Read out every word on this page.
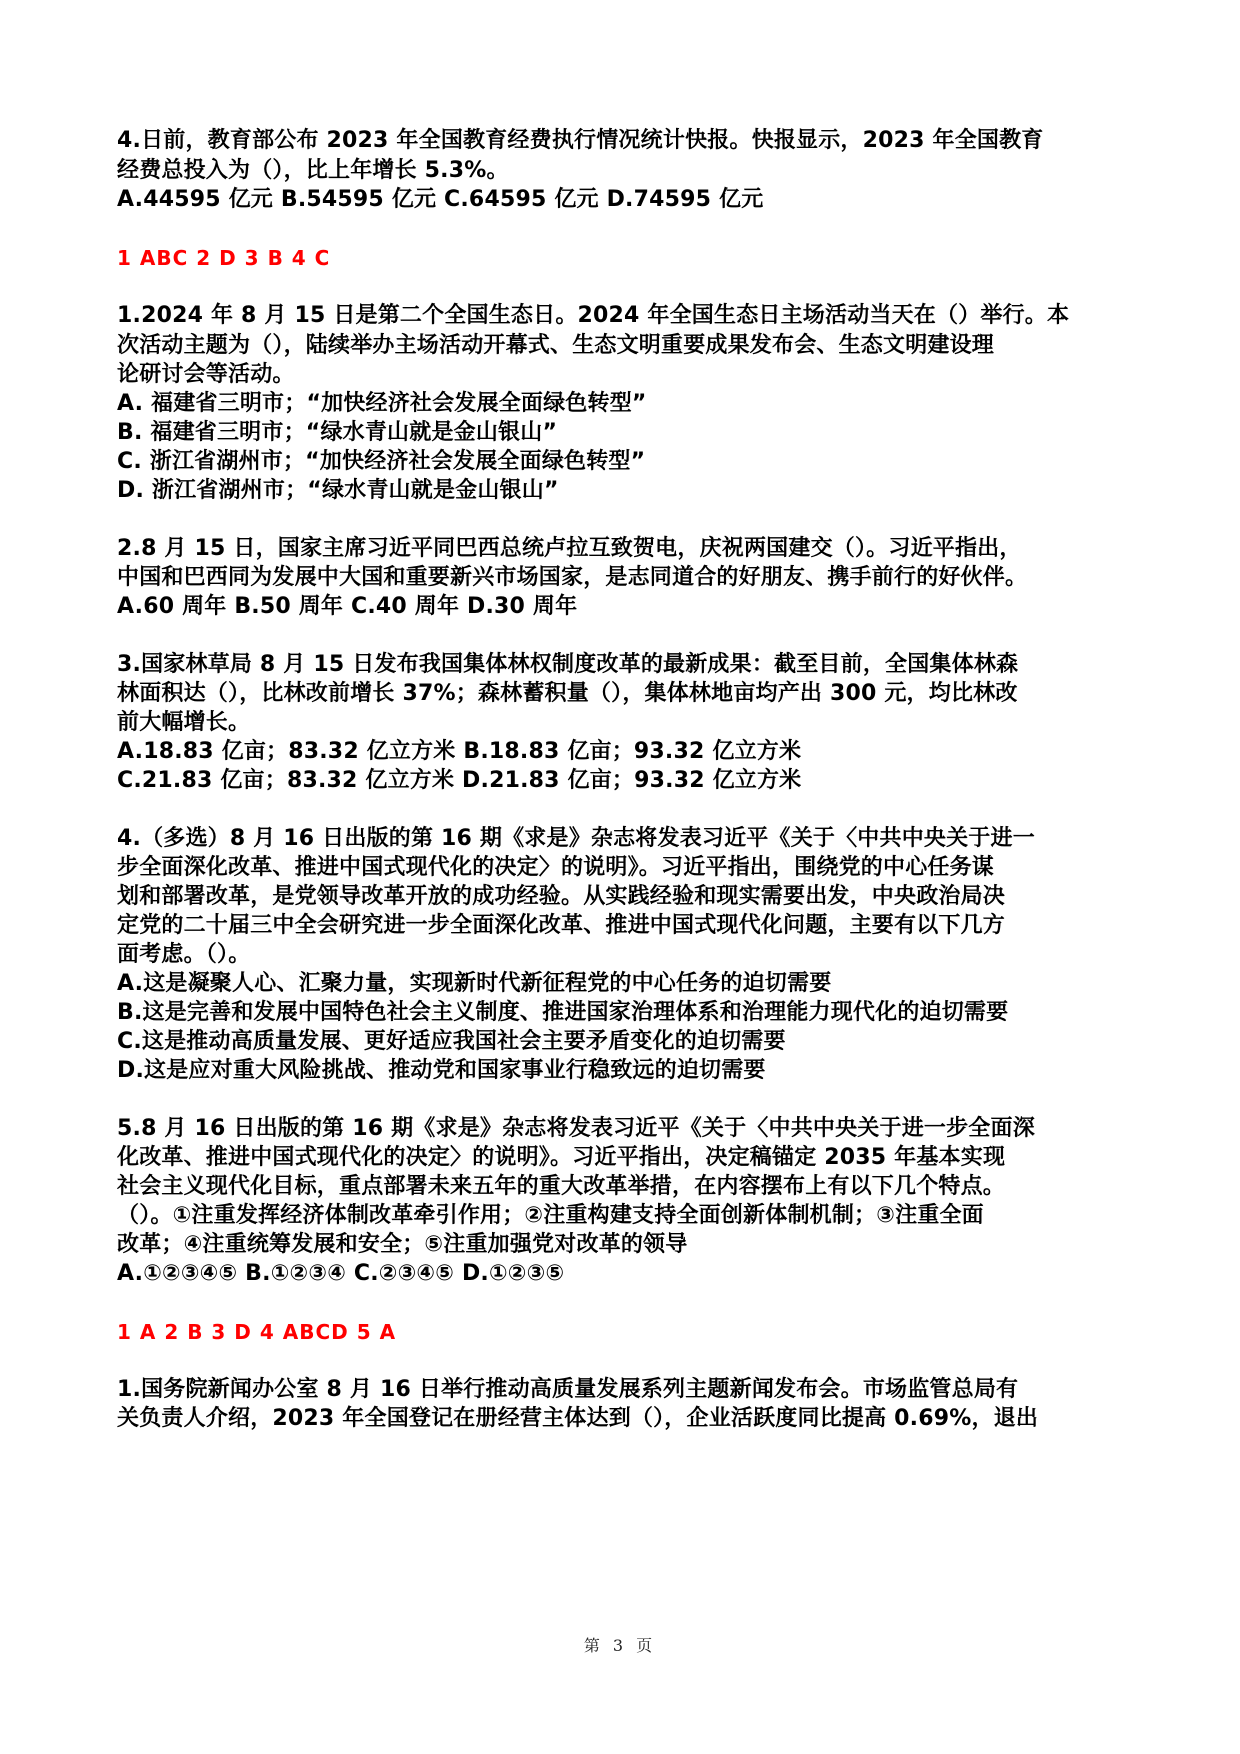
4.日前，教育部公布 2023 年全国教育经费执行情况统计快报。快报显示，2023 年全国教育
经费总投入为（），比上年增长 5.3%。
A.44595 亿元 B.54595 亿元 C.64595 亿元 D.74595 亿元
1 ABC 2 D 3 B 4 C
1.2024 年 8 月 15 日是第二个全国生态日。2024 年全国生态日主场活动当天在（）举行。本
次活动主题为（），陆续举办主场活动开幕式、生态文明重要成果发布会、生态文明建设理
论研讨会等活动。
A. 福建省三明市；“加快经济社会发展全面绿色转型”
B. 福建省三明市；“绿水青山就是金山银山”
C. 浙江省湖州市；“加快经济社会发展全面绿色转型”
D. 浙江省湖州市；“绿水青山就是金山银山”
2.8 月 15 日，国家主席习近平同巴西总统卢拉互致贺电，庆祝两国建交（）。习近平指出，
中国和巴西同为发展中大国和重要新兴市场国家，是志同道合的好朋友、携手前行的好伙伴。
A.60 周年 B.50 周年 C.40 周年 D.30 周年
3.国家林草局 8 月 15 日发布我国集体林权制度改革的最新成果：截至目前，全国集体林森
林面积达（），比林改前增长 37%；森林蓄积量（），集体林地亩均产出 300 元，均比林改
前大幅增长。
A.18.83 亿亩；83.32 亿立方米 B.18.83 亿亩；93.32 亿立方米
C.21.83 亿亩；83.32 亿立方米 D.21.83 亿亩；93.32 亿立方米
4.（多选）8 月 16 日出版的第 16 期《求是》杂志将发表习近平《关于〈中共中央关于进一
步全面深化改革、推进中国式现代化的决定〉的说明》。习近平指出，围绕党的中心任务谋
划和部署改革，是党领导改革开放的成功经验。从实践经验和现实需要出发，中央政治局决
定党的二十届三中全会研究进一步全面深化改革、推进中国式现代化问题，主要有以下几方
面考虑。（）。
A.这是凝聚人心、汇聚力量，实现新时代新征程党的中心任务的迫切需要
B.这是完善和发展中国特色社会主义制度、推进国家治理体系和治理能力现代化的迫切需要
C.这是推动高质量发展、更好适应我国社会主要矛盾变化的迫切需要
D.这是应对重大风险挑战、推动党和国家事业行稳致远的迫切需要
5.8 月 16 日出版的第 16 期《求是》杂志将发表习近平《关于〈中共中央关于进一步全面深
化改革、推进中国式现代化的决定〉的说明》。习近平指出，决定稿锚定 2035 年基本实现
社会主义现代化目标，重点部署未来五年的重大改革举措，在内容摆布上有以下几个特点。
（）。①注重发挥经济体制改革牵引作用；②注重构建支持全面创新体制机制；③注重全面
改革；④注重统筹发展和安全；⑤注重加强党对改革的领导
A.①②③④⑤ B.①②③④ C.②③④⑤ D.①②③⑤
1 A 2 B 3 D 4 ABCD 5 A
1.国务院新闻办公室 8 月 16 日举行推动高质量发展系列主题新闻发布会。市场监管总局有
关负责人介绍，2023 年全国登记在册经营主体达到（），企业活跃度同比提高 0.69%，退出
第 3 页
